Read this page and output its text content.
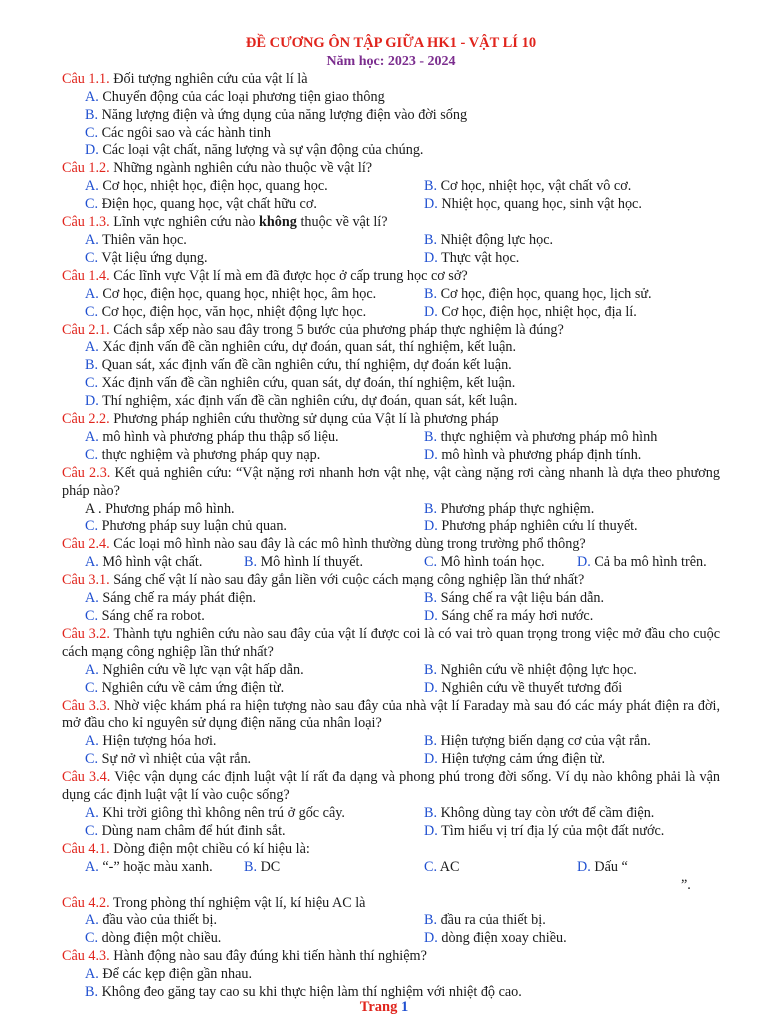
ĐỀ CƯƠNG ÔN TẬP GIỮA HK1 - VẬT LÍ 10
Năm học: 2023 - 2024
Câu 1.1. Đối tượng nghiên cứu của vật lí là
A. Chuyển động của các loại phương tiện giao thông
B. Năng lượng điện và ứng dụng của năng lượng điện vào đời sống
C. Các ngôi sao và các hành tinh
D. Các loại vật chất, năng lượng và sự vận động của chúng.
Câu 1.2. Những ngành nghiên cứu nào thuộc về vật lí?
A. Cơ học, nhiệt học, điện học, quang học.	B. Cơ học, nhiệt học, vật chất vô cơ.
C. Điện học, quang học, vật chất hữu cơ.	D. Nhiệt học, quang học, sinh vật học.
Câu 1.3. Lĩnh vực nghiên cứu nào không thuộc về vật lí?
A. Thiên văn học.	B. Nhiệt động lực học.
C. Vật liệu ứng dụng.	D. Thực vật học.
Câu 1.4. Các lĩnh vực Vật lí mà em đã được học ở cấp trung học cơ sở?
A. Cơ học, điện học, quang học, nhiệt học, âm học.	B. Cơ học, điện học, quang học, lịch sử.
C. Cơ học, điện học, văn học, nhiệt động lực học.	D. Cơ học, điện học, nhiệt học, địa lí.
Câu 2.1. Cách sắp xếp nào sau đây trong 5 bước của phương pháp thực nghiệm là đúng?
A. Xác định vấn đề cần nghiên cứu, dự đoán, quan sát, thí nghiệm, kết luận.
B. Quan sát, xác định vấn đề cần nghiên cứu, thí nghiệm, dự đoán kết luận.
C. Xác định vấn đề cần nghiên cứu, quan sát, dự đoán, thí nghiệm, kết luận.
D. Thí nghiệm, xác định vấn đề cần nghiên cứu, dự đoán, quan sát, kết luận.
Câu 2.2. Phương pháp nghiên cứu thường sử dụng của Vật lí là phương pháp
A. mô hình và phương pháp thu thập số liệu.	B. thực nghiệm và phương pháp mô hình
C. thực nghiệm và phương pháp quy nạp.	D. mô hình và phương pháp định tính.
Câu 2.3. Kết quả nghiên cứu: “Vật nặng rơi nhanh hơn vật nhẹ, vật càng nặng rơi càng nhanh là dựa theo phương pháp nào?
A . Phương pháp mô hình.	B. Phương pháp thực nghiệm.
C. Phương pháp suy luận chủ quan.	D. Phương pháp nghiên cứu lí thuyết.
Câu 2.4. Các loại mô hình nào sau đây là các mô hình thường dùng trong trường phổ thông?
A. Mô hình vật chất.	B. Mô hình lí thuyết.	C. Mô hình toán học.	D. Cả ba mô hình trên.
Câu 3.1. Sáng chế vật lí nào sau đây gắn liền với cuộc cách mạng công nghiệp lần thứ nhất?
A. Sáng chế ra máy phát điện.	B. Sáng chế ra vật liệu bán dẫn.
C. Sáng chế ra robot.	D. Sáng chế ra máy hơi nước.
Câu 3.2. Thành tựu nghiên cứu nào sau đây của vật lí được coi là có vai trò quan trọng trong việc mở đầu cho cuộc cách mạng công nghiệp lần thứ nhất?
A. Nghiên cứu về lực vạn vật hấp dẫn.	B. Nghiên cứu về nhiệt động lực học.
C. Nghiên cứu về cảm ứng điện từ.	D. Nghiên cứu về thuyết tương đối
Câu 3.3. Nhờ việc khám phá ra hiện tượng nào sau đây của nhà vật lí Faraday mà sau đó các máy phát điện ra đời, mở đầu cho kỉ nguyên sử dụng điện năng của nhân loại?
A. Hiện tượng hóa hơi.	B. Hiện tượng biến dạng cơ của vật rắn.
C. Sự nở vì nhiệt của vật rắn.	D. Hiện tượng cảm ứng điện từ.
Câu 3.4. Việc vận dụng các định luật vật lí rất đa dạng và phong phú trong đời sống. Ví dụ nào không phải là vận dụng các định luật vật lí vào cuộc sống?
A. Khi trời giông thì không nên trú ở gốc cây.	B. Không dùng tay còn ướt để cầm điện.
C. Dùng nam châm để hút đinh sắt.	D. Tìm hiểu vị trí địa lý của một đất nước.
Câu 4.1. Dòng điện một chiều có kí hiệu là:
A. “-” hoặc màu xanh.	B. DC	C. AC	D. Dấu “”.
Câu 4.2. Trong phòng thí nghiệm vật lí, kí hiệu AC là
A. đầu vào của thiết bị.	B. đầu ra của thiết bị.
C. dòng điện một chiều.	D. dòng điện xoay chiều.
Câu 4.3. Hành động nào sau đây đúng khi tiến hành thí nghiệm?
A. Để các kẹp điện gần nhau.
B. Không đeo găng tay cao su khi thực hiện làm thí nghiệm với nhiệt độ cao.
Trang 1
